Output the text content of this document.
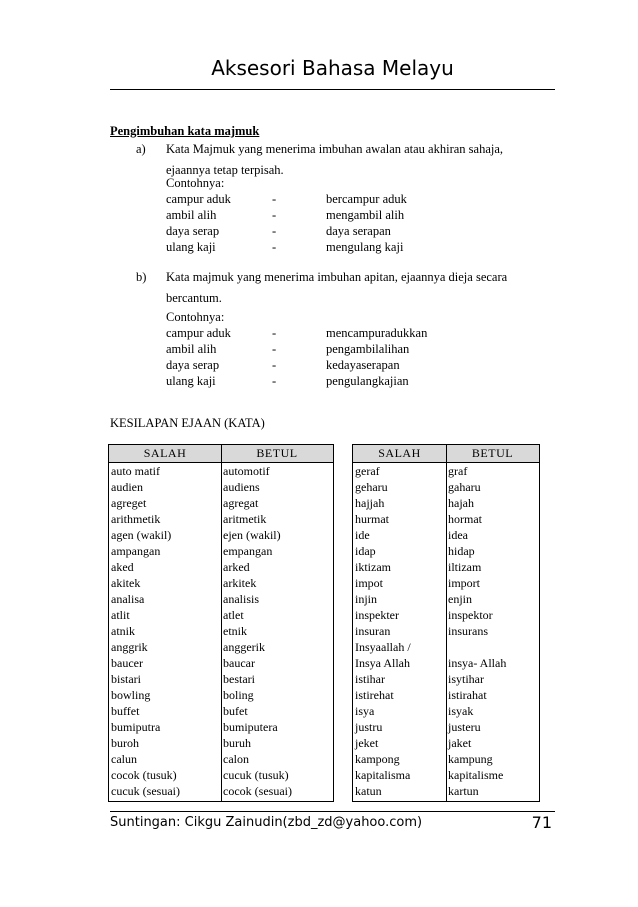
Aksesori Bahasa Melayu
Pengimbuhan kata majmuk
a) Kata Majmuk yang menerima imbuhan awalan atau akhiran sahaja, ejaannya tetap terpisah.
Contohnya:
campur aduk	-	bercampur aduk
ambil alih	-	mengambil alih
daya serap	-	daya serapan
ulang kaji	-	mengulang kaji
b) Kata majmuk yang menerima imbuhan apitan, ejaannya dieja secara bercantum.
Contohnya:
campur aduk	-	mencampuradukkan
ambil alih	-	pengambilalihan
daya serap	-	kedayaserapan
ulang kaji	-	pengulangkajian
KESILAPAN EJAAN (KATA)
SALAH	BETUL
auto matif	automotif
audien	audiens
agreget	agregat
arithmetik	aritmetik
agen (wakil)	ejen (wakil)
ampangan	empangan
aked	arked
akitek	arkitek
analisa	analisis
atlit	atlet
atnik	etnik
anggrik	anggerik
baucer	baucar
bistari	bestari
bowling	boling
buffet	bufet
bumiputra	bumiputera
buroh	buruh
calun	calon
cocok (tusuk)	cucuk (tusuk)
cucuk (sesuai)	cocok (sesuai)
SALAH	BETUL
geraf	graf
geharu	gaharu
hajjah	hajah
hurmat	hormat
ide	idea
idap	hidap
iktizam	iltizam
impot	import
injin	enjin
inspekter	inspektor
insuran	insurans
Insyaallah /
Insya Allah	insya- Allah
istihar	isytihar
istirehat	istirahat
isya	isyak
justru	justeru
jeket	jaket
kampong	kampung
kapitalisma	kapitalisme
katun	kartun
Suntingan: Cikgu Zainudin(zbd_zd@yahoo.com)	71
